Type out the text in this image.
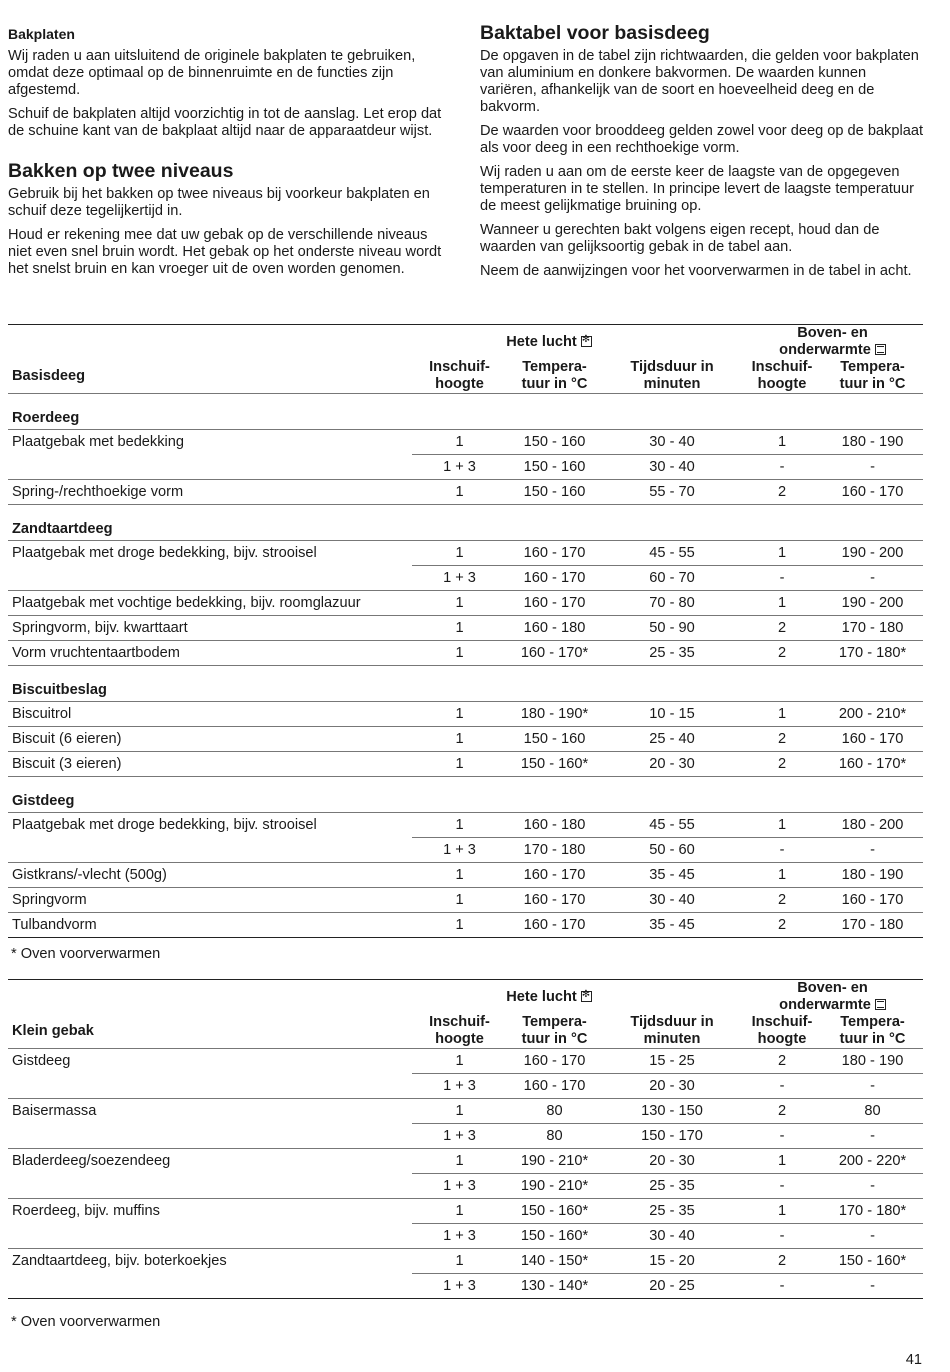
Bakplaten

Wij raden u aan uitsluitend de originele bakplaten te gebruiken, omdat deze optimaal op de binnenruimte en de functies zijn afgestemd.

Schuif de bakplaten altijd voorzichtig in tot de aanslag. Let erop dat de schuine kant van de bakplaat altijd naar de apparaatdeur wijst.

Bakken op twee niveaus

Gebruik bij het bakken op twee niveaus bij voorkeur bakplaten en schuif deze tegelijkertijd in.

Houd er rekening mee dat uw gebak op de verschillende niveaus niet even snel bruin wordt. Het gebak op het onderste niveau wordt het snelst bruin en kan vroeger uit de oven worden genomen.

Baktabel voor basisdeeg

De opgaven in de tabel zijn richtwaarden, die gelden voor bakplaten van aluminium en donkere bakvormen. De waarden kunnen variëren, afhankelijk van de soort en hoeveelheid deeg en de bakvorm.

De waarden voor brooddeeg gelden zowel voor deeg op de bakplaat als voor deeg in een rechthoekige vorm.

Wij raden u aan om de eerste keer de laagste van de opgegeven temperaturen in te stellen. In principe levert de laagste temperatuur de meest gelijkmatige bruining op.

Wanneer u gerechten bakt volgens eigen recept, houd dan de waarden van gelijksoortig gebak in de tabel aan.

Neem de aanwijzingen voor het voorverwarmen in de tabel in acht.

	Hete lucht✻			Boven- en
onderwarmte	
Basisdeeg	Inschuif-
hoogte	Tempera-
tuur in °C	Tijdsduur in
minuten	Inschuif-
hoogte	Tempera-
tuur in °C
Roerdeeg					
Plaatgebak met bedekking	1	150 - 160	30 - 40	1	180 - 190
	1 + 3	150 - 160	30 - 40	-	-
Spring-/rechthoekige vorm	1	150 - 160	55 - 70	2	160 - 170
Zandtaartdeeg					
Plaatgebak met droge bedekking, bijv. strooisel	1	160 - 170	45 - 55	1	190 - 200
	1 + 3	160 - 170	60 - 70	-	-
Plaatgebak met vochtige bedekking, bijv. roomglazuur	1	160 - 170	70 - 80	1	190 - 200
Springvorm, bijv. kwarttaart	1	160 - 180	50 - 90	2	170 - 180
Vorm vruchtentaartbodem	1	160 - 170*	25 - 35	2	170 - 180*
Biscuitbeslag					
Biscuitrol	1	180 - 190*	10 - 15	1	200 - 210*
Biscuit (6 eieren)	1	150 - 160	25 - 40	2	160 - 170
Biscuit (3 eieren)	1	150 - 160*	20 - 30	2	160 - 170*
Gistdeeg					
Plaatgebak met droge bedekking, bijv. strooisel	1	160 - 180	45 - 55	1	180 - 200
	1 + 3	170 - 180	50 - 60	-	-
Gistkrans/-vlecht (500g)	1	160 - 170	35 - 45	1	180 - 190
Springvorm	1	160 - 170	30 - 40	2	160 - 170
Tulbandvorm	1	160 - 170	35 - 45	2	170 - 180
* Oven voorverwarmen
	Hete lucht✻			Boven- en
onderwarmte	
Klein gebak	Inschuif-
hoogte	Tempera-
tuur in °C	Tijdsduur in
minuten	Inschuif-
hoogte	Tempera-
tuur in °C
Gistdeeg	1	160 - 170	15 - 25	2	180 - 190
	1 + 3	160 - 170	20 - 30	-	-
Baisermassa	1	80	130 - 150	2	80
	1 + 3	80	150 - 170	-	-
Bladerdeeg/soezendeeg	1	190 - 210*	20 - 30	1	200 - 220*
	1 + 3	190 - 210*	25 - 35	-	-
Roerdeeg, bijv. muffins	1	150 - 160*	25 - 35	1	170 - 180*
	1 + 3	150 - 160*	30 - 40	-	-
Zandtaartdeeg, bijv. boterkoekjes	1	140 - 150*	15 - 20	2	150 - 160*
	1 + 3	130 - 140*	20 - 25	-	-
* Oven voorverwarmen
41
